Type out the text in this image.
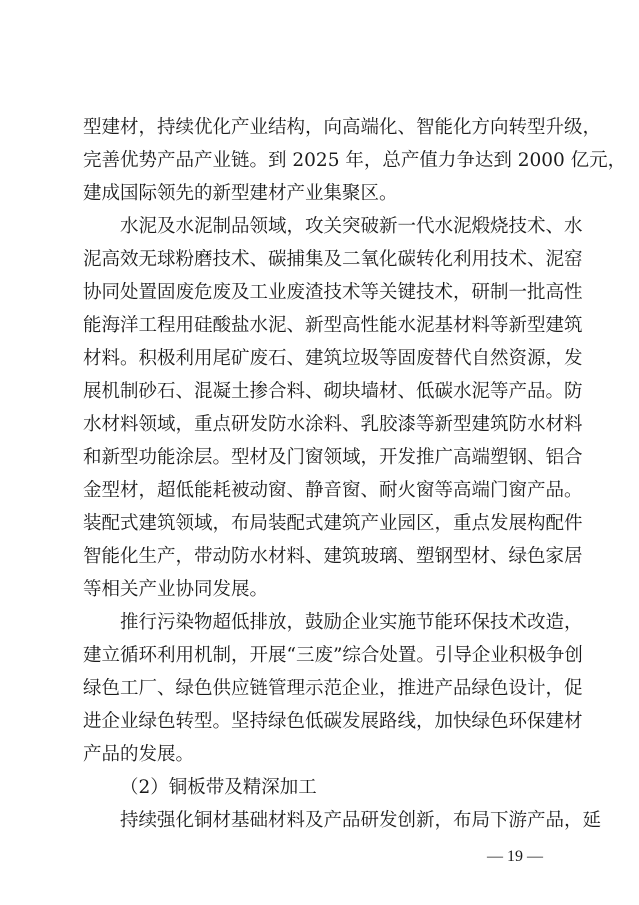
型建材，持续优化产业结构，向高端化、智能化方向转型升级，
完善优势产品产业链。到 2025 年，总产值力争达到 2000 亿元，
建成国际领先的新型建材产业集聚区。
水泥及水泥制品领域，攻关突破新一代水泥煅烧技术、水
泥高效无球粉磨技术、碳捕集及二氧化碳转化利用技术、泥窑
协同处置固废危废及工业废渣技术等关键技术，研制一批高性
能海洋工程用硅酸盐水泥、新型高性能水泥基材料等新型建筑
材料。积极利用尾矿废石、建筑垃圾等固废替代自然资源，发
展机制砂石、混凝土掺合料、砌块墙材、低碳水泥等产品。防
水材料领域，重点研发防水涂料、乳胶漆等新型建筑防水材料
和新型功能涂层。型材及门窗领域，开发推广高端塑钢、铝合
金型材，超低能耗被动窗、静音窗、耐火窗等高端门窗产品。
装配式建筑领域，布局装配式建筑产业园区，重点发展构配件
智能化生产，带动防水材料、建筑玻璃、塑钢型材、绿色家居
等相关产业协同发展。
推行污染物超低排放，鼓励企业实施节能环保技术改造，
建立循环利用机制，开展“三废”综合处置。引导企业积极争创
绿色工厂、绿色供应链管理示范企业，推进产品绿色设计，促
进企业绿色转型。坚持绿色低碳发展路线，加快绿色环保建材
产品的发展。
（2）铜板带及精深加工
持续强化铜材基础材料及产品研发创新，布局下游产品，延
— 19 —
